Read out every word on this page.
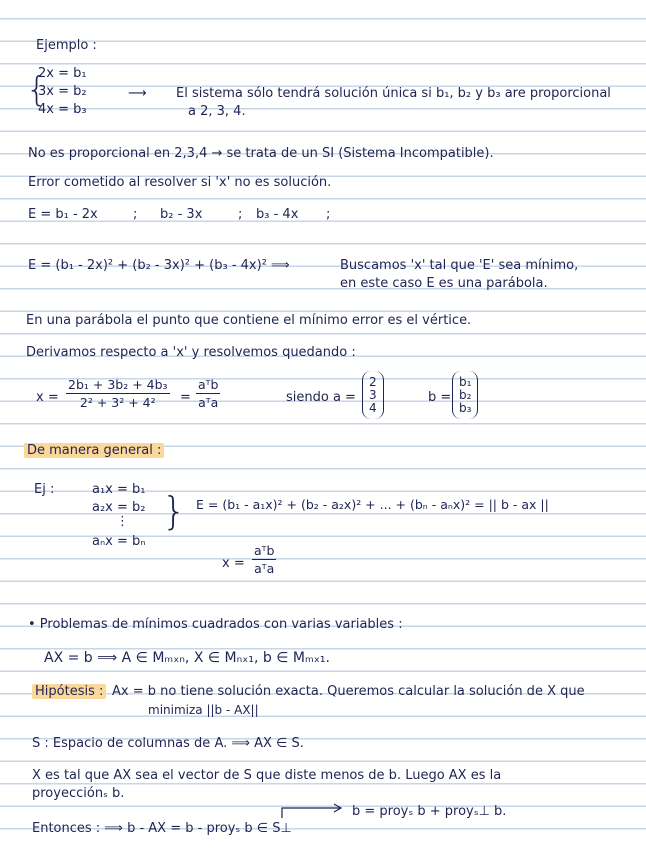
Ejemplo :
{
2x = b₁
3x = b₂
4x = b₃
⟶ El sistema sólo tendrá solución única si b₁, b₂ y b₃ are proporcional
a 2, 3, 4.
No es proporcional en 2,3,4 → se trata de un SI (Sistema Incompatible).
Error cometido al resolver si 'x' no es solución.
E = b₁ - 2x	; b₂ - 3x	; b₃ - 4x ;
E = (b₁ - 2x)² + (b₂ - 3x)² + (b₃ - 4x)² ⟹	Buscamos 'x' tal que 'E' sea mínimo,
en este caso E es una parábola.
En una parábola el punto que contiene el mínimo error es el vértice.
Derivamos respecto a 'x' y resolvemos quedando :
$x = \frac{\text{2b₁ + 3b₂ + 4b₃}}{\text{2² + 3² + 4²}}$ =
aᵀb
aᵀa	siendo a =
2
3
4
b =
b₁
b₂
b₃
De manera general :
Ej :	a₁x = b₁
a₂x = b₂
⋮
aₙx = bₙ
} E = (b₁ - a₁x)² + (b₂ - a₂x)² + ... + (bₙ - aₙx)² = || b - ax ||
x =
aᵀb
aᵀa
• Problemas de mínimos cuadrados con varias variables :
AX = b ⟹ A ∈ Mₘₓₙ, X ∈ Mₙₓ₁, b ∈ Mₘₓ₁.
Hipótesis : Ax = b no tiene solución exacta. Queremos calcular la solución de X que
minimiza ||b - AX||
S : Espacio de columnas de A. ⟹ AX ∈ S.
X es tal que AX sea el vector de S que diste menos de b. Luego AX es la
proyecciónₛ b.
b = proyₛ b + proyₛ⊥ b.
Entonces : ⟹ b - AX = b - proyₛ b ∈ S⊥
